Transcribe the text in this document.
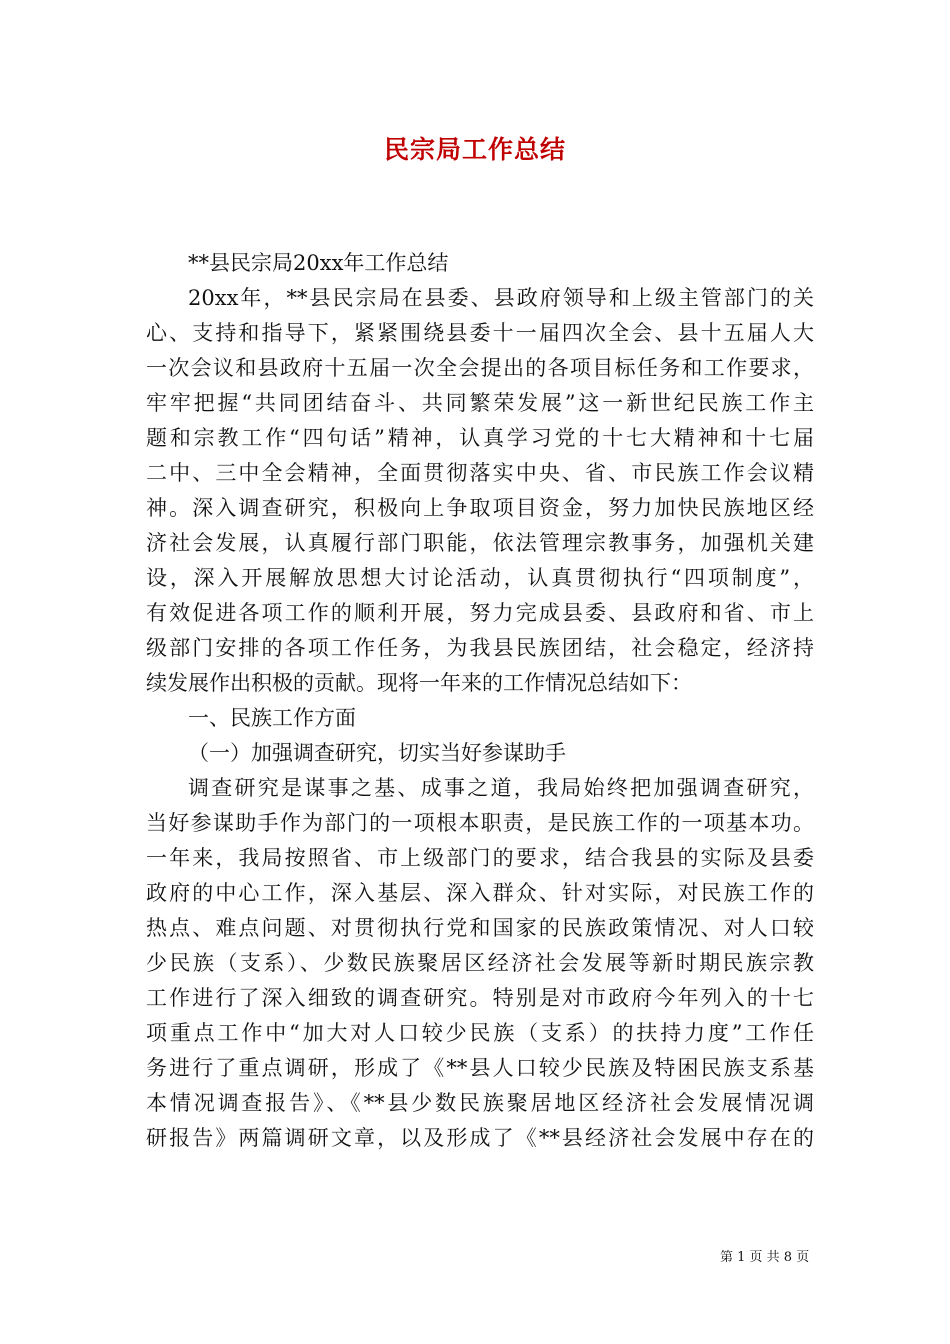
民宗局工作总结
**县民宗局20xx年工作总结
20xx年，**县民宗局在县委、县政府领导和上级主管部门的关
心、支持和指导下，紧紧围绕县委十一届四次全会、县十五届人大
一次会议和县政府十五届一次全会提出的各项目标任务和工作要求，
牢牢把握“共同团结奋斗、共同繁荣发展”这一新世纪民族工作主
题和宗教工作“四句话”精神，认真学习党的十七大精神和十七届
二中、三中全会精神，全面贯彻落实中央、省、市民族工作会议精
神。深入调查研究，积极向上争取项目资金，努力加快民族地区经
济社会发展，认真履行部门职能，依法管理宗教事务，加强机关建
设，深入开展解放思想大讨论活动，认真贯彻执行“四项制度”，
有效促进各项工作的顺利开展，努力完成县委、县政府和省、市上
级部门安排的各项工作任务，为我县民族团结，社会稳定，经济持
续发展作出积极的贡献。现将一年来的工作情况总结如下：
一、民族工作方面
（一）加强调查研究，切实当好参谋助手
调查研究是谋事之基、成事之道，我局始终把加强调查研究，
当好参谋助手作为部门的一项根本职责，是民族工作的一项基本功。
一年来，我局按照省、市上级部门的要求，结合我县的实际及县委
政府的中心工作，深入基层、深入群众、针对实际，对民族工作的
热点、难点问题、对贯彻执行党和国家的民族政策情况、对人口较
少民族（支系）、少数民族聚居区经济社会发展等新时期民族宗教
工作进行了深入细致的调查研究。特别是对市政府今年列入的十七
项重点工作中“加大对人口较少民族（支系）的扶持力度”工作任
务进行了重点调研，形成了《**县人口较少民族及特困民族支系基
本情况调查报告》、《**县少数民族聚居地区经济社会发展情况调
研报告》两篇调研文章，以及形成了《**县经济社会发展中存在的
第 1 页 共 8 页
